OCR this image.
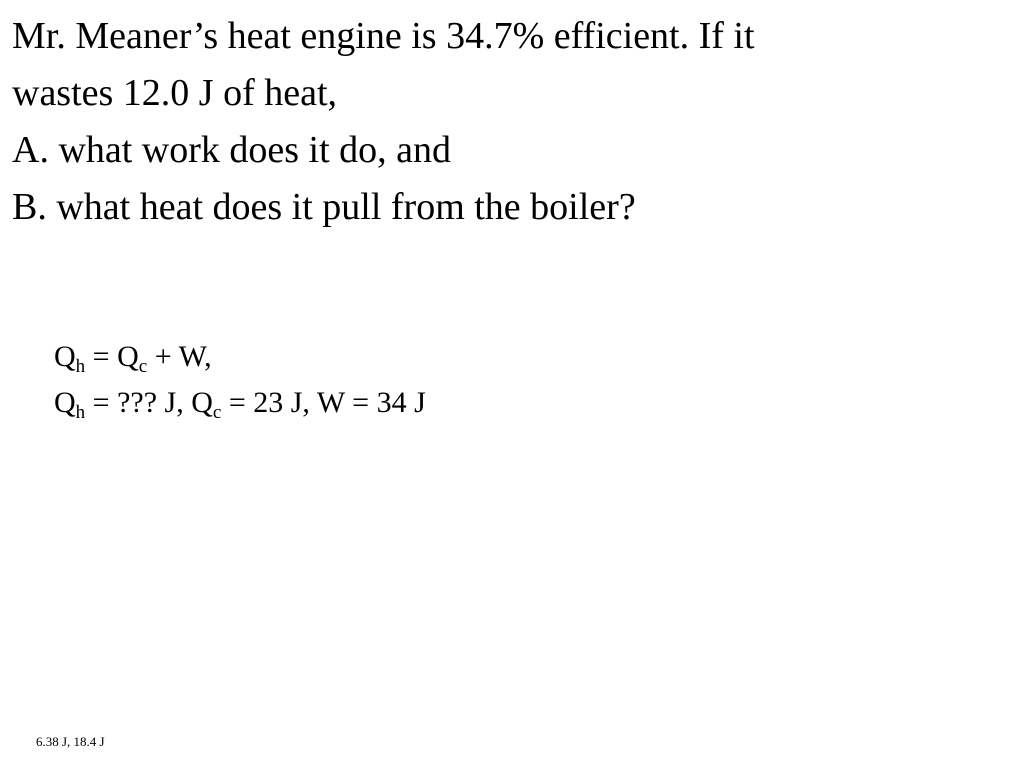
Mr. Meaner’s heat engine is 34.7% efficient. If it
wastes 12.0 J of heat,
A. what work does it do, and
B. what heat does it pull from the boiler?
$Q_h = Q_c + W$,
$Q_h$ = ??? J, $Q_c = 23$ J, W = 34 J
6.38 J, 18.4 J
